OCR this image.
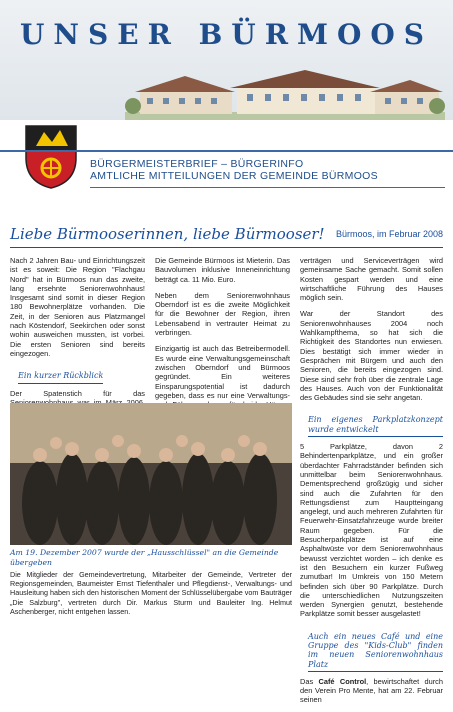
UNSER BÜRMOOS
BÜRGERMEISTERBRIEF – BÜRGERINFO
AMTLICHE MITTEILUNGEN DER GEMEINDE BÜRMOOS
Liebe Bürmooserinnen, liebe Bürmooser! Bürmoos, im Februar 2008

Nach 2 Jahren Bau- und Einrichtungszeit ist es soweit: Die Region "Flachgau Nord" hat in Bürmoos nun das zweite, lang ersehnte Seniorenwohnhaus! Insgesamt sind somit in dieser Region 180 Bewohnerplätze vorhanden. Die Zeit, in der Senioren aus Platzmangel nach Köstendorf, Seekirchen oder sonst wohin ausweichen mussten, ist vorbei. Die ersten Senioren sind bereits eingezogen.

Ein kurzer Rückblick

Der Spatenstich für das

Die Gemeinde Bürmoos ist Mieterin. Das Bauvolumen inklusive Inneneinrichtung beträgt ca. 11 Mio. Euro.

Neben dem Seniorenwohnhaus Oberndorf ist es die zweite Möglichkeit für die Bewohner der Region, ihren Lebensabend in vertrauter Heimat zu verbringen.

Einzigartig ist auch das Betreibermodell. Es wurde eine Verwaltungsgemeinschaft zwischen Oberndorf und Bürmoos gegründet. Ein weiteres Einsparungspotential ist dadurch gegeben, dass es nur eine Verwaltungs-

verträgen und Serviceverträgen wird gemeinsame Sache gemacht. Somit sollen Kosten gespart werden und eine wirtschaftliche Führung des Hauses möglich sein.

War der Standort des Seniorenwohnhauses 2004 noch Wahlkampfthema, so hat sich die Richtigkeit des Standortes nun erwiesen. Dies bestätigt sich immer wieder in Gesprächen mit Bürgern und auch den Senioren, die bereits eingezogen sind. Diese sind sehr froh über die zentrale Lage des Hauses. Auch von der Funktionalität des Gebäudes sind sie sehr angetan.

Ein eigenes Parkplatzkonzept wurde entwickelt

5 Parkplätze, davon 2 Behindertenparkplätze, und ein großer überdachter Fahrradständer befinden sich unmittelbar beim Seniorenwohnhaus. Dementsprechend großzügig und sicher sind auch die Zufahrten für den Rettungsdienst zum Hauptteingang angelegt, und auch mehreren Zufahrten für Feuerwehr-Einsatzfahrzeuge wurde breiter Raum gegeben. Für die Besucherparkplätze ist auf eine Asphaltwüste vor dem Seniorenwohnhaus bewusst verzichtet worden – ich denke es ist den Besuchern ein kurzer Fußweg zumutbar! Im Umkreis von 150 Metern befinden sich über 90 Parkplätze. Durch die unterschiedlichen Nutzungszeiten werden Synergien genutzt, bestehende Parkplätze somit besser ausgelastet!

Auch ein neues Café und eine Gruppe des "Kids-Club" finden im neuen Seniorenwohnhaus Platz

Das Café Control, bewirtschaftet durch den Verein Pro Mente, hat am 22. Februar seinen

Am 19. Dezember 2007 wurde der „Hausschlüssel" an die Gemeinde übergeben
Die Mitglieder der Gemeindevertretung, Mitarbeiter der Gemeinde, Vertreter der Regionsgemeinden, Baumeister Ernst Tiefenthaler und Pflegdienst-, Verwaltungs- und Hausleitung haben sich den historischen Moment der Schlüsselübergabe vom Bauträger „Die Salzburg", vertreten durch Dir. Markus Sturm und Bauleiter Ing. Helmut Aschenberger, nicht entgehen lassen.
